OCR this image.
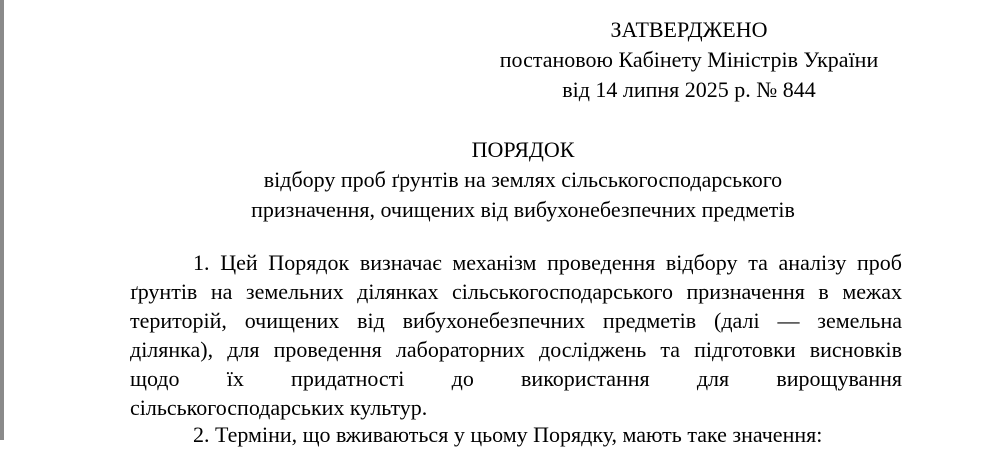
ЗАТВЕРДЖЕНО
постановою Кабінету Міністрів України
від 14 липня 2025 р. № 844
ПОРЯДОК
відбору проб ґрунтів на землях сільськогосподарського
призначення, очищених від вибухонебезпечних предметів
1. Цей Порядок визначає механізм проведення відбору та аналізу проб
ґрунтів на земельних ділянках сільськогосподарського призначення в межах
територій, очищених від вибухонебезпечних предметів (далі — земельна
ділянка), для проведення лабораторних досліджень та підготовки висновків
щодо їх придатності до використання для вирощування
сільськогосподарських культур.
2. Терміни, що вживаються у цьому Порядку, мають таке значення:
